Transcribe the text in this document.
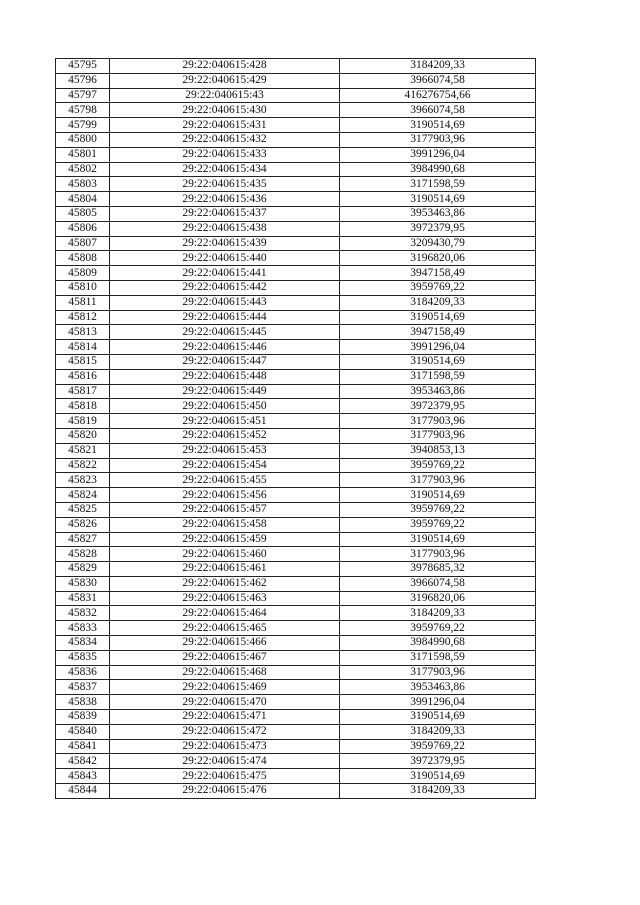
45795	29:22:040615:428	3184209,33
45796	29:22:040615:429	3966074,58
45797	29:22:040615:43	416276754,66
45798	29:22:040615:430	3966074,58
45799	29:22:040615:431	3190514,69
45800	29:22:040615:432	3177903,96
45801	29:22:040615:433	3991296,04
45802	29:22:040615:434	3984990,68
45803	29:22:040615:435	3171598,59
45804	29:22:040615:436	3190514,69
45805	29:22:040615:437	3953463,86
45806	29:22:040615:438	3972379,95
45807	29:22:040615:439	3209430,79
45808	29:22:040615:440	3196820,06
45809	29:22:040615:441	3947158,49
45810	29:22:040615:442	3959769,22
45811	29:22:040615:443	3184209,33
45812	29:22:040615:444	3190514,69
45813	29:22:040615:445	3947158,49
45814	29:22:040615:446	3991296,04
45815	29:22:040615:447	3190514,69
45816	29:22:040615:448	3171598,59
45817	29:22:040615:449	3953463,86
45818	29:22:040615:450	3972379,95
45819	29:22:040615:451	3177903,96
45820	29:22:040615:452	3177903,96
45821	29:22:040615:453	3940853,13
45822	29:22:040615:454	3959769,22
45823	29:22:040615:455	3177903,96
45824	29:22:040615:456	3190514,69
45825	29:22:040615:457	3959769,22
45826	29:22:040615:458	3959769,22
45827	29:22:040615:459	3190514,69
45828	29:22:040615:460	3177903,96
45829	29:22:040615:461	3978685,32
45830	29:22:040615:462	3966074,58
45831	29:22:040615:463	3196820,06
45832	29:22:040615:464	3184209,33
45833	29:22:040615:465	3959769,22
45834	29:22:040615:466	3984990,68
45835	29:22:040615:467	3171598,59
45836	29:22:040615:468	3177903,96
45837	29:22:040615:469	3953463,86
45838	29:22:040615:470	3991296,04
45839	29:22:040615:471	3190514,69
45840	29:22:040615:472	3184209,33
45841	29:22:040615:473	3959769,22
45842	29:22:040615:474	3972379,95
45843	29:22:040615:475	3190514,69
45844	29:22:040615:476	3184209,33
